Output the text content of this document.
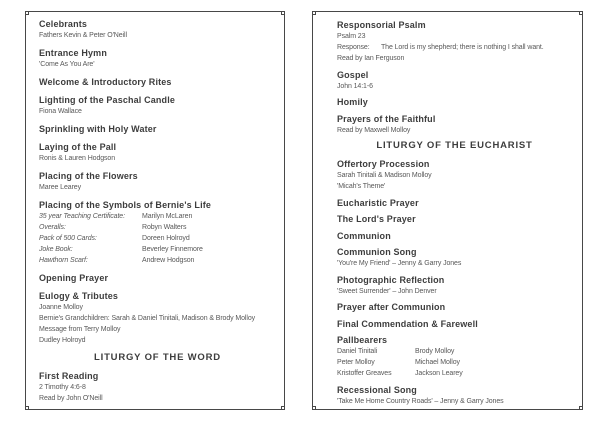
Celebrants
Fathers Kevin & Peter O'Neill
Entrance Hymn
'Come As You Are'
Welcome & Introductory Rites
Lighting of the Paschal Candle
Fiona Wallace
Sprinkling with Holy Water
Laying of the Pall
Ronis & Lauren Hodgson
Placing of the Flowers
Maree Learey
Placing of the Symbols of Bernie's Life
35 year Teaching Certificate:	Marilyn McLaren
Overalls:	Robyn Walters
Pack of 500 Cards:	Doreen Holroyd
Joke Book:	Beverley Finnemore
Hawthorn Scarf:	Andrew Hodgson
Opening Prayer
Eulogy & Tributes
Joanne Molloy
Bernie's Grandchildren: Sarah & Daniel Tinitali, Madison & Brody Molloy
Message from Terry Molloy
Dudley Holroyd
LITURGY OF THE WORD
First Reading
2 Timothy 4:6-8
Read by John O'Neill
Responsorial Psalm
Psalm 23
Response:	The Lord is my shepherd; there is nothing I shall want.
Read by Ian Ferguson
Gospel
John 14:1-6
Homily
Prayers of the Faithful
Read by Maxwell Molloy
LITURGY OF THE EUCHARIST
Offertory Procession
Sarah Tinitali & Madison Molloy
'Micah's Theme'
Eucharistic Prayer
The Lord's Prayer
Communion
Communion Song
'You're My Friend' – Jenny & Garry Jones
Photographic Reflection
'Sweet Surrender' – John Denver
Prayer after Communion
Final Commendation & Farewell
Pallbearers
Daniel Tinitali	Brody Molloy
Peter Molloy	Michael Molloy
Kristoffer Greaves	Jackson Learey
Recessional Song
'Take Me Home Country Roads' – Jenny & Garry Jones
